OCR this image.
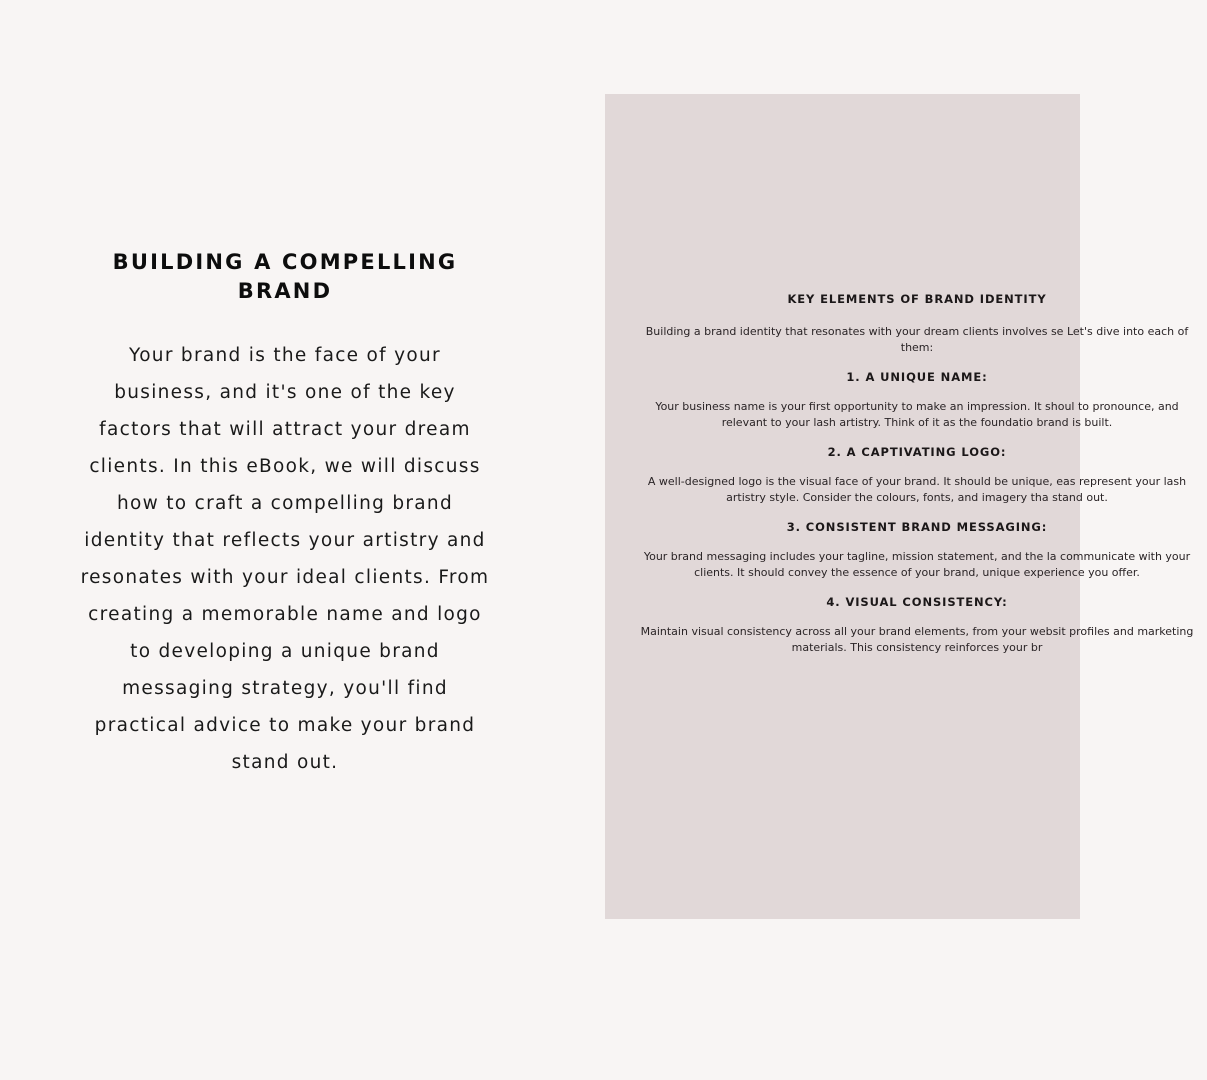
BUILDING A COMPELLING BRAND

Your brand is the face of your business, and it's one of the key factors that will attract your dream clients. In this eBook, we will discuss how to craft a compelling brand identity that reflects your artistry and resonates with your ideal clients. From creating a memorable name and logo to developing a unique brand messaging strategy, you'll find practical advice to make your brand stand out.

KEY ELEMENTS OF BRAND IDENTITY

Building a brand identity that resonates with your dream clients involves se Let's dive into each of them:

1. A UNIQUE NAME:

Your business name is your first opportunity to make an impression. It shoul to pronounce, and relevant to your lash artistry. Think of it as the foundatio brand is built.

2. A CAPTIVATING LOGO:

A well-designed logo is the visual face of your brand. It should be unique, eas represent your lash artistry style. Consider the colours, fonts, and imagery tha stand out.

3. CONSISTENT BRAND MESSAGING:

Your brand messaging includes your tagline, mission statement, and the la communicate with your clients. It should convey the essence of your brand, unique experience you offer.

4. VISUAL CONSISTENCY:

Maintain visual consistency across all your brand elements, from your websit profiles and marketing materials. This consistency reinforces your br
